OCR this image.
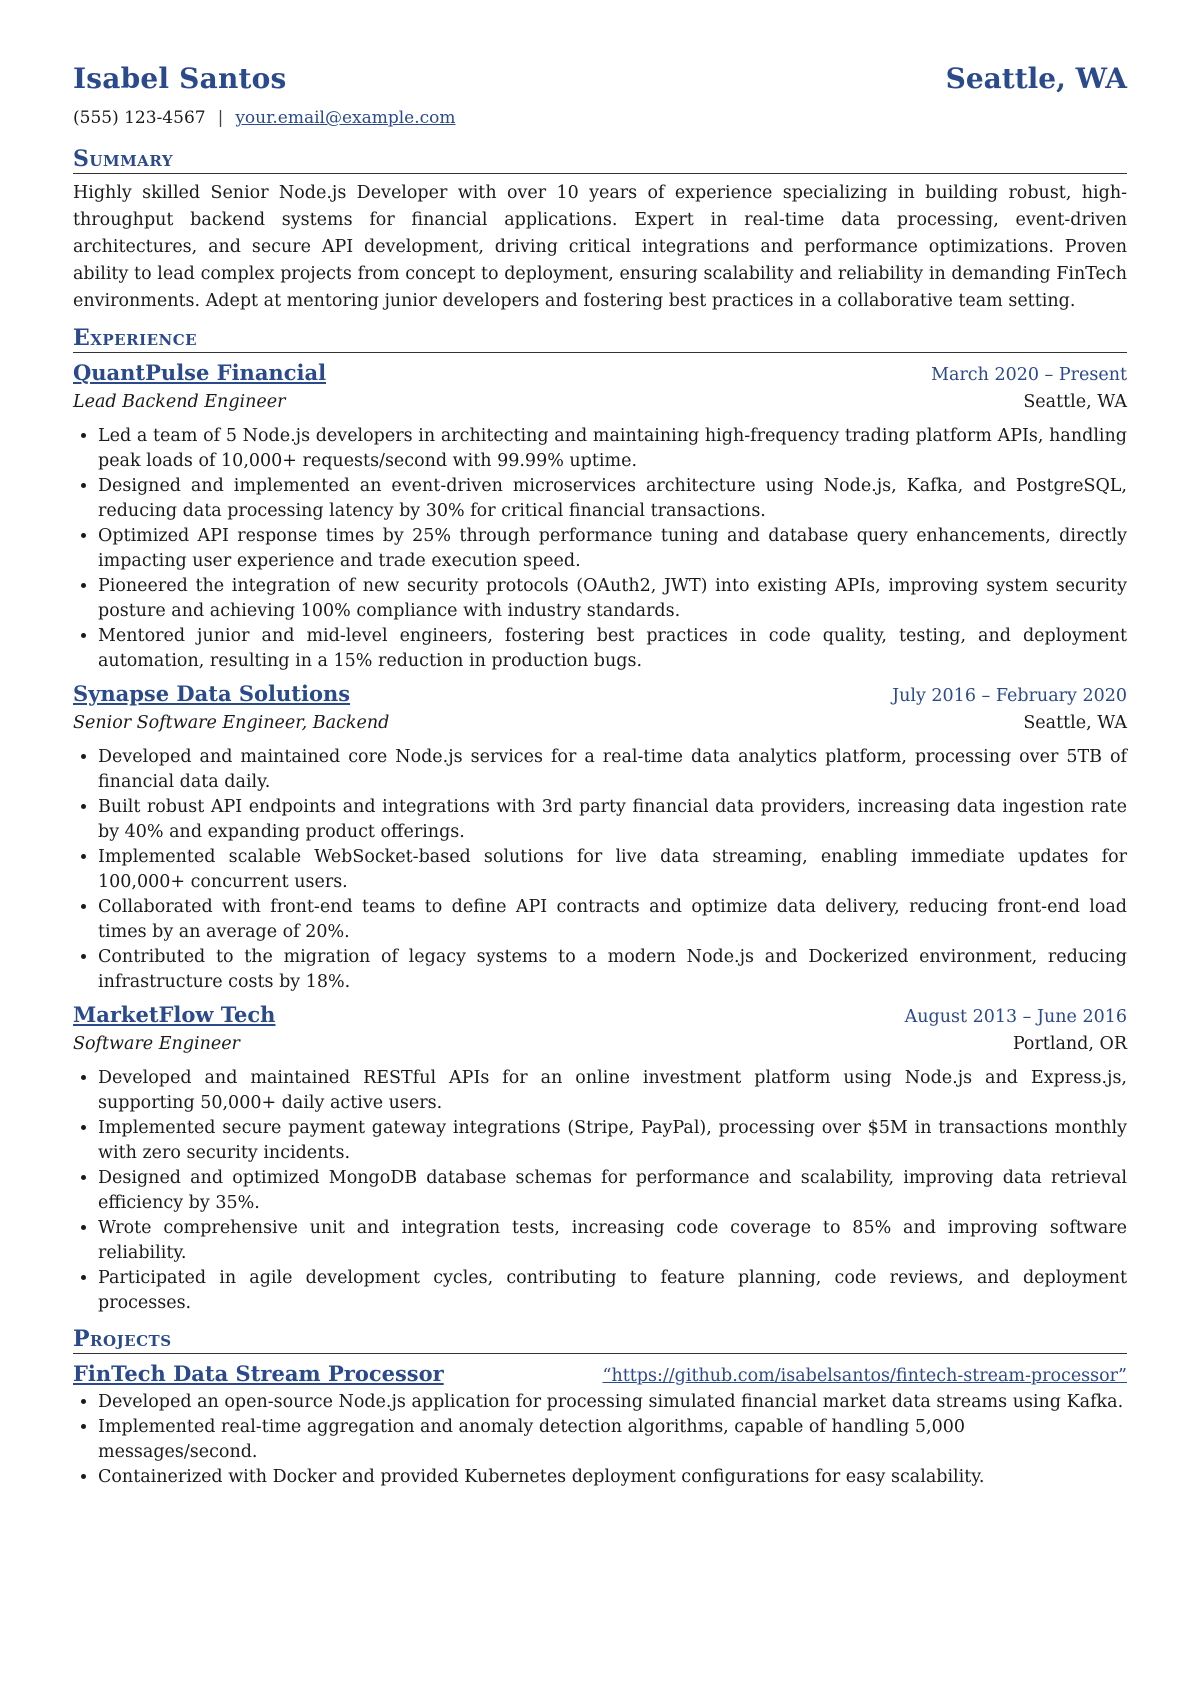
Isabel Santos	Seattle, WA
(555) 123-4567 | your.email@example.com
Summary
Highly skilled Senior Node.js Developer with over 10 years of experience specializing in building robust, high-throughput backend systems for financial applications. Expert in real-time data processing, event-driven architectures, and secure API development, driving critical integrations and performance optimizations. Proven ability to lead complex projects from concept to deployment, ensuring scalability and reliability in demanding FinTech environments. Adept at mentoring junior developers and fostering best practices in a collaborative team setting.
Experience
QuantPulse Financial	March 2020 – Present
Lead Backend Engineer	Seattle, WA
• Led a team of 5 Node.js developers in architecting and maintaining high-frequency trading platform APIs, handling peak loads of 10,000+ requests/second with 99.99% uptime.
• Designed and implemented an event-driven microservices architecture using Node.js, Kafka, and PostgreSQL, reducing data processing latency by 30% for critical financial transactions.
• Optimized API response times by 25% through performance tuning and database query enhancements, directly impacting user experience and trade execution speed.
• Pioneered the integration of new security protocols (OAuth2, JWT) into existing APIs, improving system security posture and achieving 100% compliance with industry standards.
• Mentored junior and mid-level engineers, fostering best practices in code quality, testing, and deployment automation, resulting in a 15% reduction in production bugs.
Synapse Data Solutions	July 2016 – February 2020
Senior Software Engineer, Backend	Seattle, WA
• Developed and maintained core Node.js services for a real-time data analytics platform, processing over 5TB of financial data daily.
• Built robust API endpoints and integrations with 3rd party financial data providers, increasing data ingestion rate by 40% and expanding product offerings.
• Implemented scalable WebSocket-based solutions for live data streaming, enabling immediate updates for 100,000+ concurrent users.
• Collaborated with front-end teams to define API contracts and optimize data delivery, reducing front-end load times by an average of 20%.
• Contributed to the migration of legacy systems to a modern Node.js and Dockerized environment, reducing infrastructure costs by 18%.
MarketFlow Tech	August 2013 – June 2016
Software Engineer	Portland, OR
• Developed and maintained RESTful APIs for an online investment platform using Node.js and Express.js, supporting 50,000+ daily active users.
• Implemented secure payment gateway integrations (Stripe, PayPal), processing over $5M in transactions monthly with zero security incidents.
• Designed and optimized MongoDB database schemas for performance and scalability, improving data retrieval efficiency by 35%.
• Wrote comprehensive unit and integration tests, increasing code coverage to 85% and improving software reliability.
• Participated in agile development cycles, contributing to feature planning, code reviews, and deployment processes.
Projects
FinTech Data Stream Processor	“https://github.com/isabelsantos/fintech-stream-processor”
• Developed an open-source Node.js application for processing simulated financial market data streams using Kafka.
• Implemented real-time aggregation and anomaly detection algorithms, capable of handling 5,000 messages/second.
• Containerized with Docker and provided Kubernetes deployment configurations for easy scalability.
